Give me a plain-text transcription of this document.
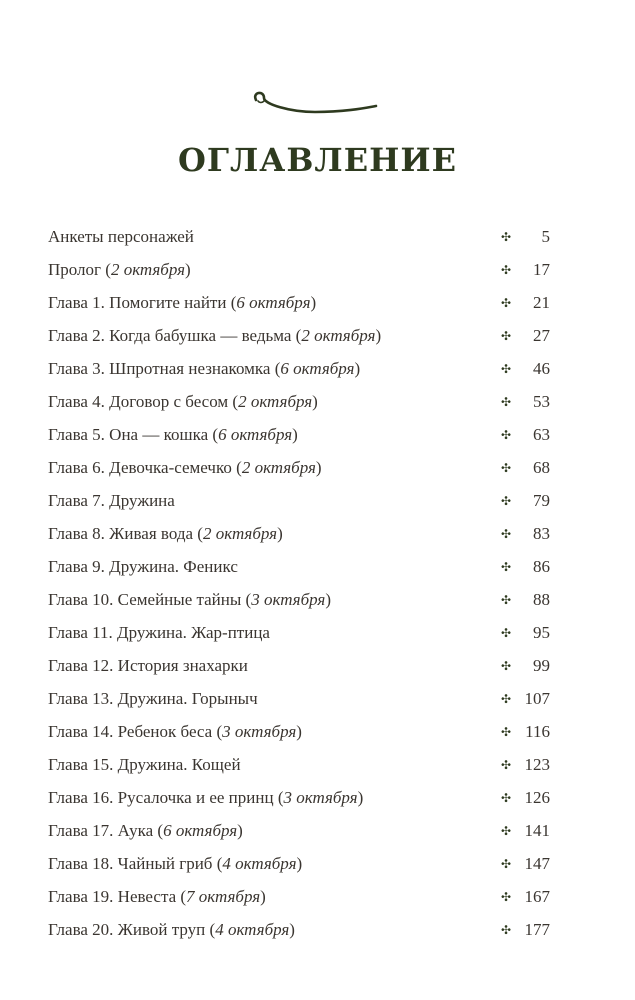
оглавление
Анкеты персонажей	✣	5
Пролог (2 октября)	✣	17
Глава 1. Помогите найти (6 октября)	✣	21
Глава 2. Когда бабушка — ведьма (2 октября)	✣	27
Глава 3. Шпротная незнакомка (6 октября)	✣	46
Глава 4. Договор с бесом (2 октября)	✣	53
Глава 5. Она — кошка (6 октября)	✣	63
Глава 6. Девочка-семечко (2 октября)	✣	68
Глава 7. Дружина	✣	79
Глава 8. Живая вода (2 октября)	✣	83
Глава 9. Дружина. Феникс	✣	86
Глава 10. Семейные тайны (3 октября)	✣	88
Глава 11. Дружина. Жар-птица	✣	95
Глава 12. История знахарки	✣	99
Глава 13. Дружина. Горыныч	✣ 107
Глава 14. Ребенок беса (3 октября)	✣ 116
Глава 15. Дружина. Кощей	✣ 123
Глава 16. Русалочка и ее принц (3 октября)	✣ 126
Глава 17. Аука (6 октября)	✣ 141
Глава 18. Чайный гриб (4 октября)	✣ 147
Глава 19. Невеста (7 октября)	✣ 167
Глава 20. Живой труп (4 октября)	✣ 177
